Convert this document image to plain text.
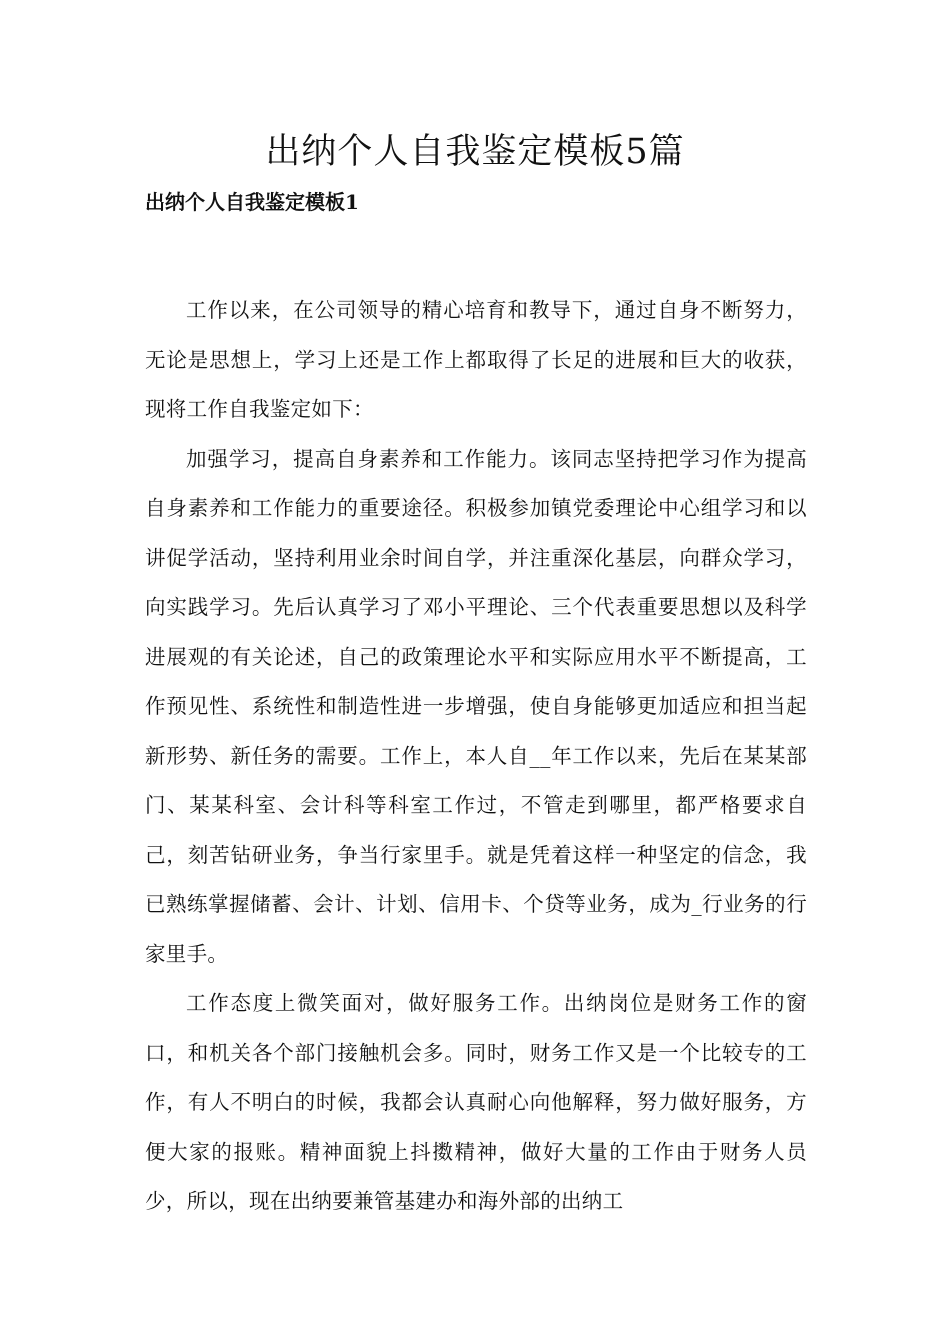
出纳个人自我鉴定模板5篇
出纳个人自我鉴定模板1

工作以来，在公司领导的精心培育和教导下，通过自身不断努力，无论是思想上，学习上还是工作上都取得了长足的进展和巨大的收获，现将工作自我鉴定如下：

加强学习，提高自身素养和工作能力。该同志坚持把学习作为提高自身素养和工作能力的重要途径。积极参加镇党委理论中心组学习和以讲促学活动，坚持利用业余时间自学，并注重深化基层，向群众学习，向实践学习。先后认真学习了邓小平理论、三个代表重要思想以及科学进展观的有关论述，自己的政策理论水平和实际应用水平不断提高，工作预见性、系统性和制造性进一步增强，使自身能够更加适应和担当起新形势、新任务的需要。工作上，本人自__年工作以来，先后在某某部门、某某科室、会计科等科室工作过，不管走到哪里，都严格要求自己，刻苦钻研业务，争当行家里手。就是凭着这样一种坚定的信念，我已熟练掌握储蓄、会计、计划、信用卡、个贷等业务，成为_行业务的行家里手。

工作态度上微笑面对，做好服务工作。出纳岗位是财务工作的窗口，和机关各个部门接触机会多。同时，财务工作又是一个比较专的工作，有人不明白的时候，我都会认真耐心向他解释，努力做好服务，方便大家的报账。精神面貌上抖擞精神，做好大量的工作由于财务人员少，所以，现在出纳要兼管基建办和海外部的出纳工
